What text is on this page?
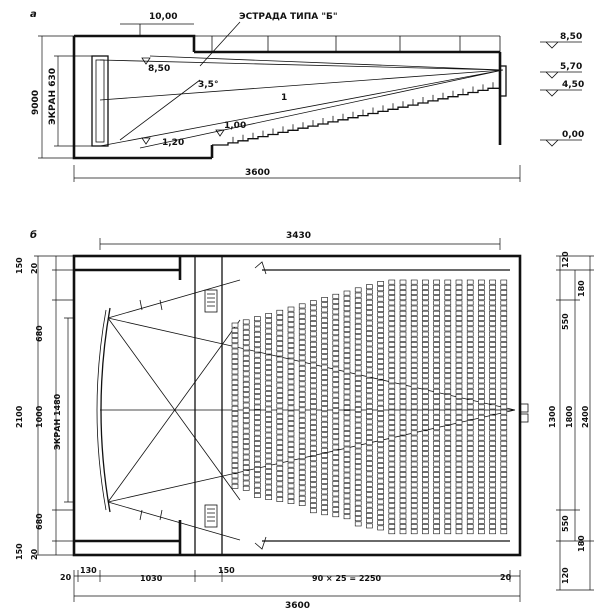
а	10,00	ЭСТРАДА ТИПА "Б"
8,50
3,5°
1
1,20
1,00
9000 ЭКРАН 630
3600
8,50
5,70
4,50
0,00
б	3430
150 20
680
2100 1000 ЭКРАН 1480
680
150 20
120
180
550
1300 1800 2400
550
180
120
20
130
1030
150
90 × 25 = 2250	20
3600
